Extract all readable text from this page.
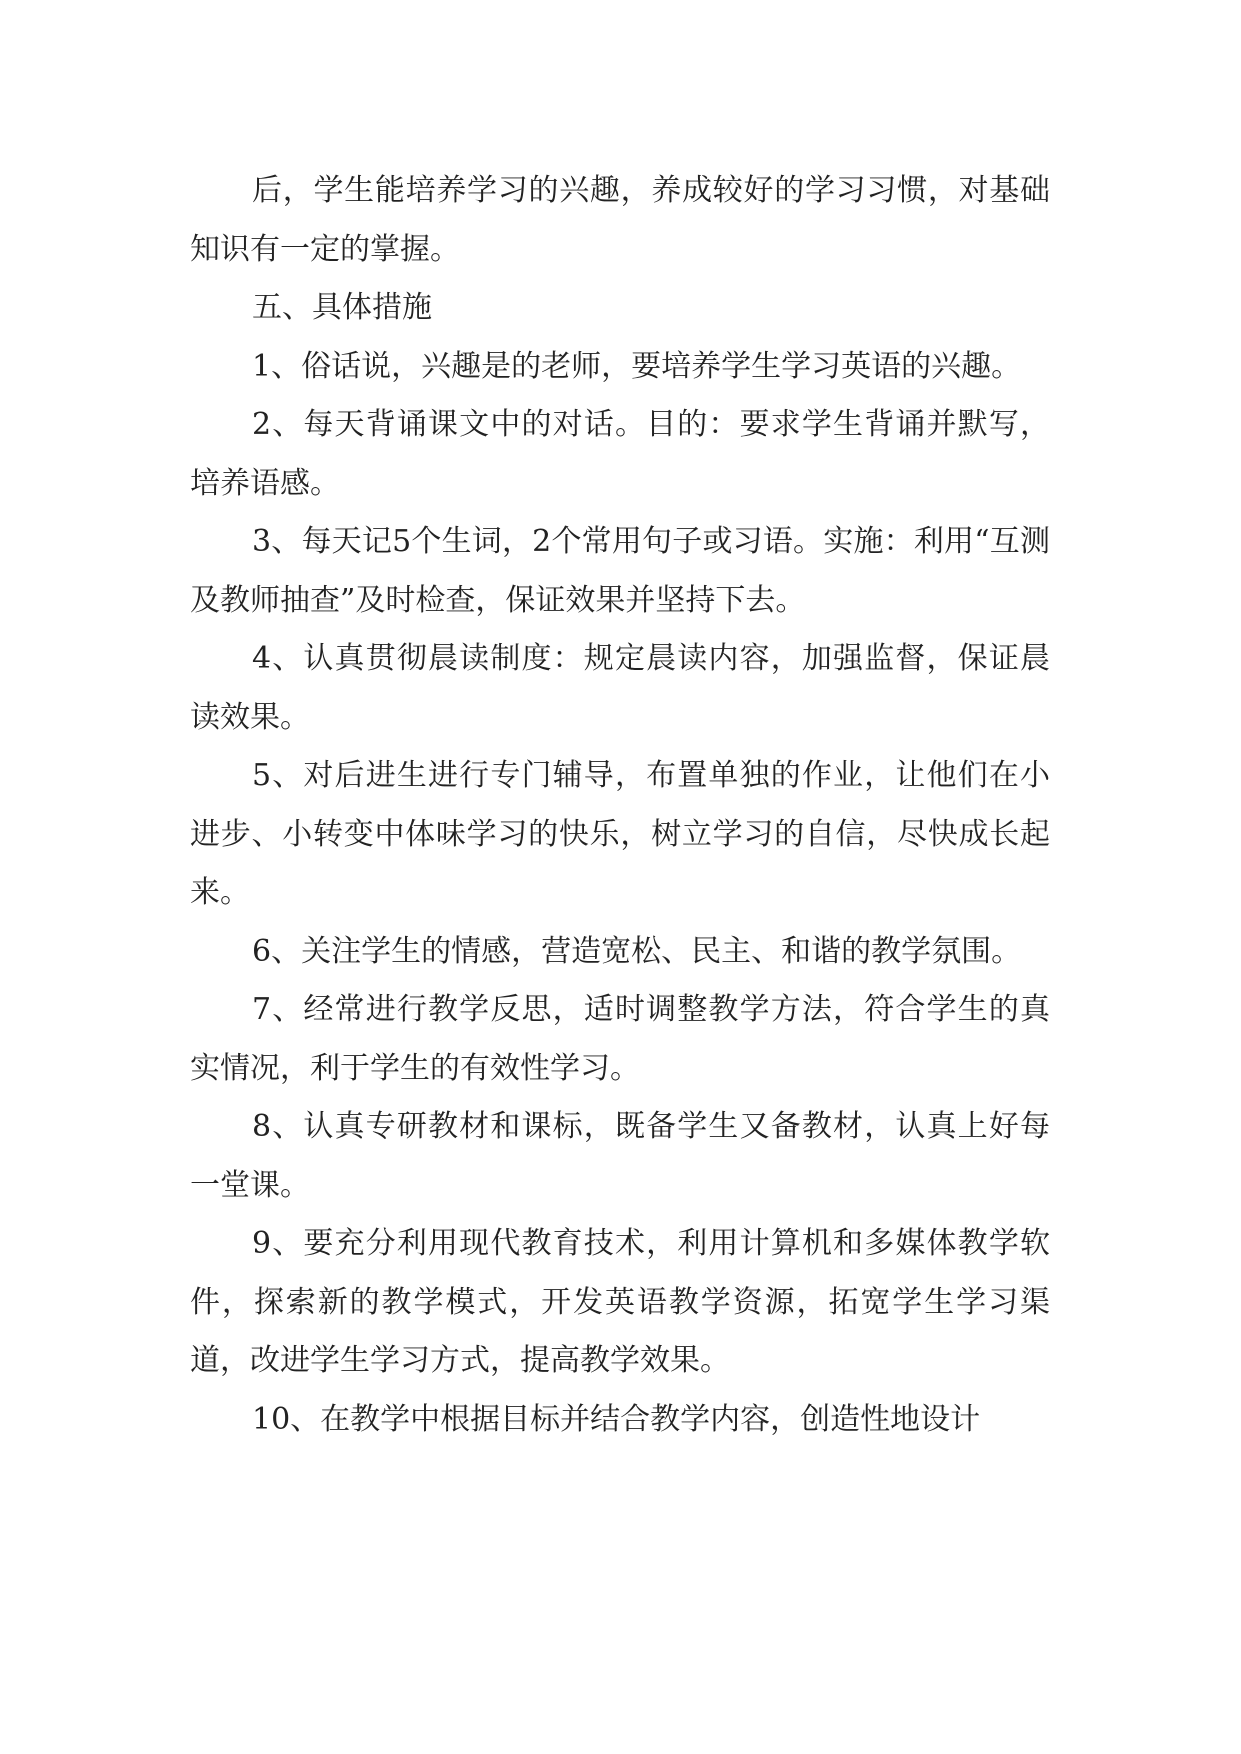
后，学生能培养学习的兴趣，养成较好的学习习惯，对基础知识有一定的掌握。

五、具体措施

1、俗话说，兴趣是的老师，要培养学生学习英语的兴趣。

2、每天背诵课文中的对话。目的：要求学生背诵并默写，培养语感。

3、每天记5个生词，2个常用句子或习语。实施：利用“互测及教师抽查”及时检查，保证效果并坚持下去。

4、认真贯彻晨读制度：规定晨读内容，加强监督，保证晨读效果。

5、对后进生进行专门辅导，布置单独的作业，让他们在小进步、小转变中体味学习的快乐，树立学习的自信，尽快成长起来。

6、关注学生的情感，营造宽松、民主、和谐的教学氛围。

7、经常进行教学反思，适时调整教学方法，符合学生的真实情况，利于学生的有效性学习。

8、认真专研教材和课标，既备学生又备教材，认真上好每一堂课。

9、要充分利用现代教育技术，利用计算机和多媒体教学软件，探索新的教学模式，开发英语教学资源，拓宽学生学习渠道，改进学生学习方式，提高教学效果。

10、在教学中根据目标并结合教学内容，创造性地设计
